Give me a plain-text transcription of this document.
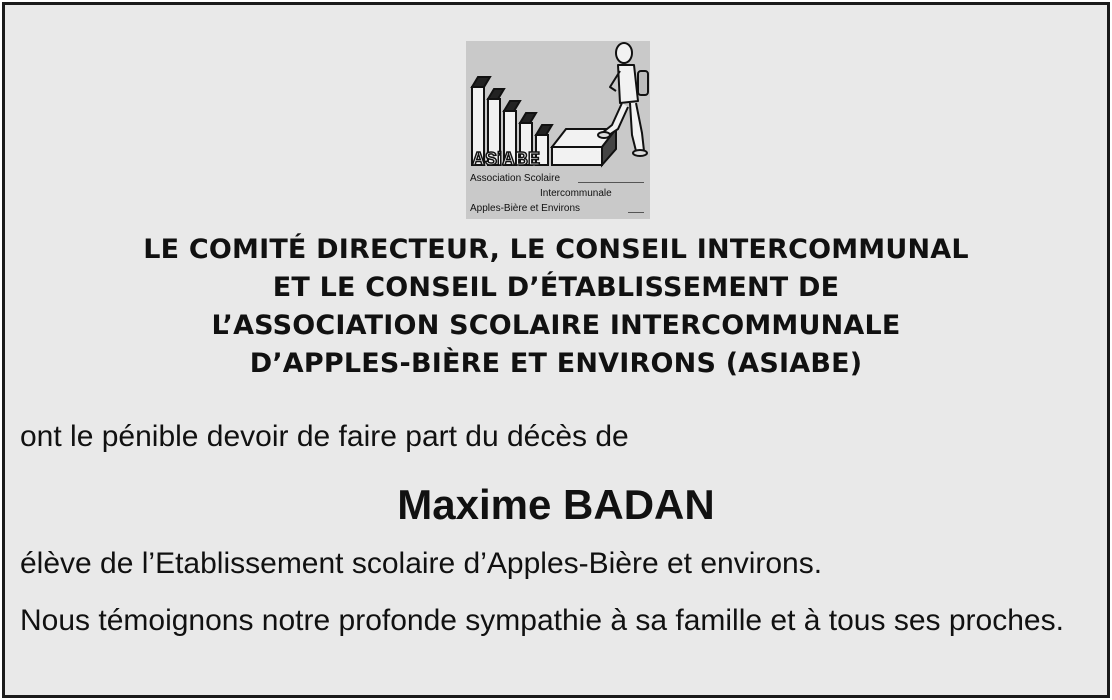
ASiABE
Association Scolaire
Intercommunale
Apples-Bière et Environs
LE COMITÉ DIRECTEUR, LE CONSEIL INTERCOMMUNAL
ET LE CONSEIL D’ÉTABLISSEMENT DE
L’ASSOCIATION SCOLAIRE INTERCOMMUNALE
D’APPLES-BIÈRE ET ENVIRONS (ASIABE)
ont le pénible devoir de faire part du décès de
Maxime BADAN
élève de l’Etablissement scolaire d’Apples-Bière et environs.
Nous témoignons notre profonde sympathie à sa famille et à tous ses proches.
